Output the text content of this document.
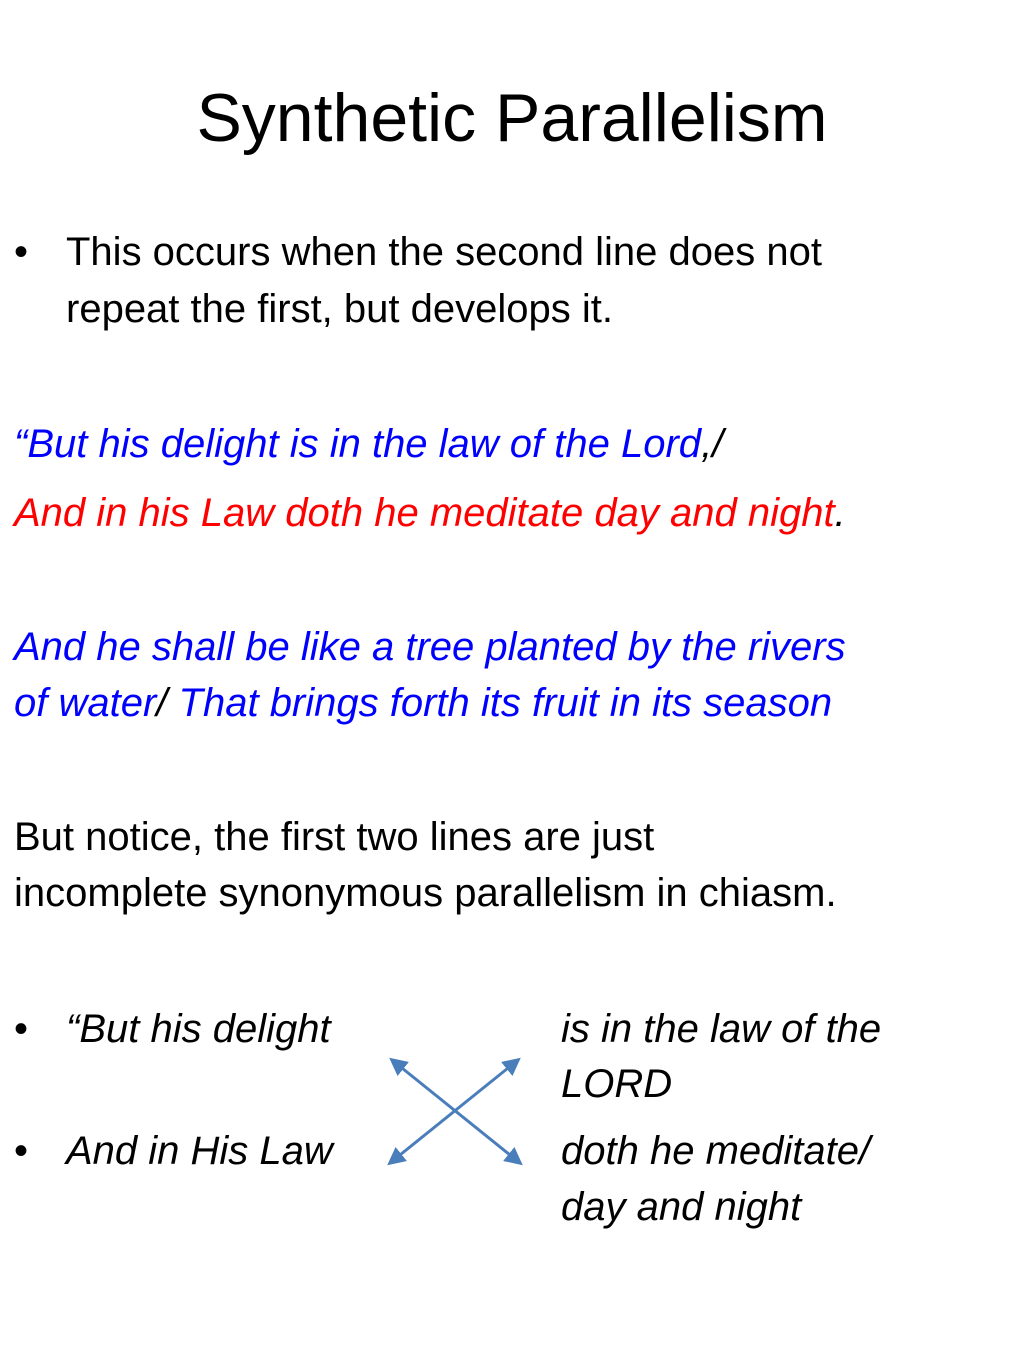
Synthetic Parallelism
• This occurs when the second line does not

repeat the first, but develops it.

“But his delight is in the law of the Lord,/

And in his Law doth he meditate day and night.

And he shall be like a tree planted by the rivers

of water/ That brings forth its fruit in its season

But notice, the first two lines are just

incomplete synonymous parallelism in chiasm.

• “But his delight	is in the law of the

LORD

• And in His Law	doth he meditate/

day and night
